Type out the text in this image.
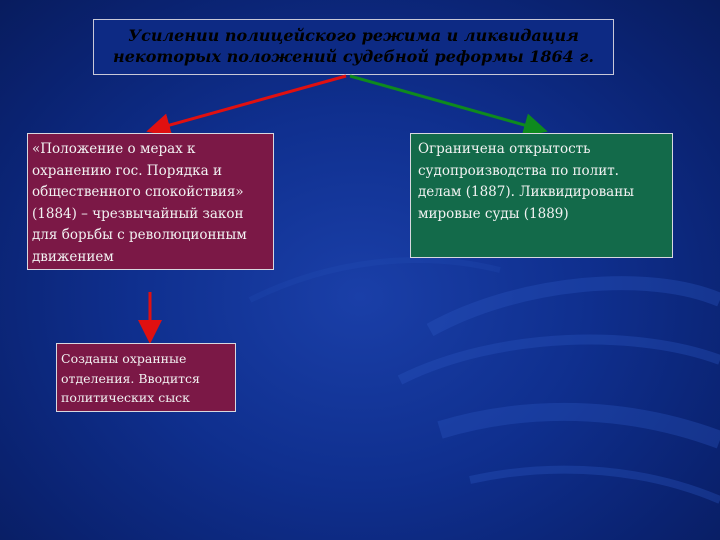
Усилении полицейского режима и ликвидация
некоторых положений судебной реформы 1864 г.
«Положение о мерах к охранению гос. Порядка и общественного спокойствия» (1884) – чрезвычайный закон для борьбы с революционным движением
Ограничена открытость судопроизводства по полит. делам (1887). Ликвидированы мировые суды (1889)
Созданы охранные отделения. Вводится политических сыск
